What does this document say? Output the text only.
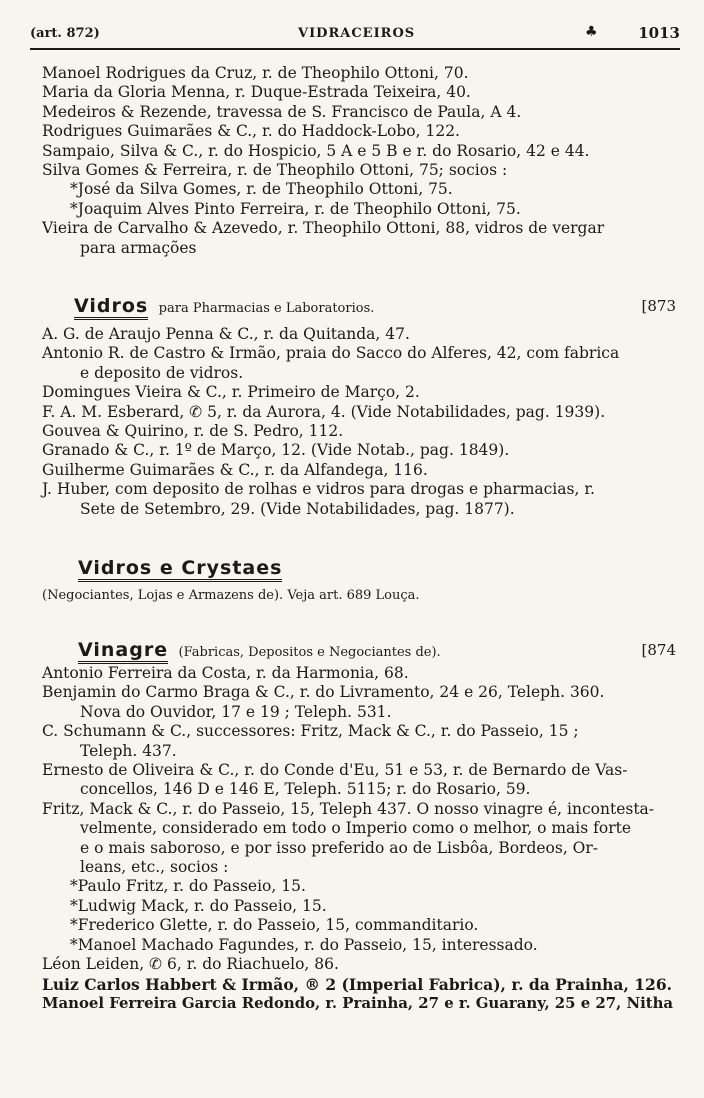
(art. 872)	VIDRACEIROS	♣	1013
Manoel Rodrigues da Cruz, r. de Theophilo Ottoni, 70.
Maria da Gloria Menna, r. Duque-Estrada Teixeira, 40.
Medeiros & Rezende, travessa de S. Francisco de Paula, A 4.
Rodrigues Guimarães & C., r. do Haddock-Lobo, 122.
Sampaio, Silva & C., r. do Hospicio, 5 A e 5 B e r. do Rosario, 42 e 44.
Silva Gomes & Ferreira, r. de Theophilo Ottoni, 75; socios :
*José da Silva Gomes, r. de Theophilo Ottoni, 75.
*Joaquim Alves Pinto Ferreira, r. de Theophilo Ottoni, 75.
Vieira de Carvalho & Azevedo, r. Theophilo Ottoni, 88, vidros de vergar
para armações
Vidros para Pharmacias e Laboratorios.	[873
A. G. de Araujo Penna & C., r. da Quitanda, 47.
Antonio R. de Castro & Irmão, praia do Sacco do Alferes, 42, com fabrica
e deposito de vidros.
Domingues Vieira & C., r. Primeiro de Março, 2.
F. A. M. Esberard, ✆ 5, r. da Aurora, 4. (Vide Notabilidades, pag. 1939).
Gouvea & Quirino, r. de S. Pedro, 112.
Granado & C., r. 1º de Março, 12. (Vide Notab., pag. 1849).
Guilherme Guimarães & C., r. da Alfandega, 116.
J. Huber, com deposito de rolhas e vidros para drogas e pharmacias, r.
Sete de Setembro, 29. (Vide Notabilidades, pag. 1877).
Vidros e Crystaes
(Negociantes, Lojas e Armazens de). Veja art. 689 Louça.
Vinagre (Fabricas, Depositos e Negociantes de).	[874
Antonio Ferreira da Costa, r. da Harmonia, 68.
Benjamin do Carmo Braga & C., r. do Livramento, 24 e 26, Teleph. 360.
Nova do Ouvidor, 17 e 19 ; Teleph. 531.
C. Schumann & C., successores: Fritz, Mack & C., r. do Passeio, 15 ;
Teleph. 437.
Ernesto de Oliveira & C., r. do Conde d'Eu, 51 e 53, r. de Bernardo de Vas-
concellos, 146 D e 146 E, Teleph. 5115; r. do Rosario, 59.
Fritz, Mack & C., r. do Passeio, 15, Teleph 437. O nosso vinagre é, incontesta-
velmente, considerado em todo o Imperio como o melhor, o mais forte
e o mais saboroso, e por isso preferido ao de Lisbôa, Bordeos, Or-
leans, etc., socios :
*Paulo Fritz, r. do Passeio, 15.
*Ludwig Mack, r. do Passeio, 15.
*Frederico Glette, r. do Passeio, 15, commanditario.
*Manoel Machado Fagundes, r. do Passeio, 15, interessado.
Léon Leiden, ✆ 6, r. do Riachuelo, 86.
Luiz Carlos Habbert & Irmão, ® 2 (Imperial Fabrica), r. da Prainha, 126.
Manoel Ferreira Garcia Redondo, r. Prainha, 27 e r. Guarany, 25 e 27, Nitha
